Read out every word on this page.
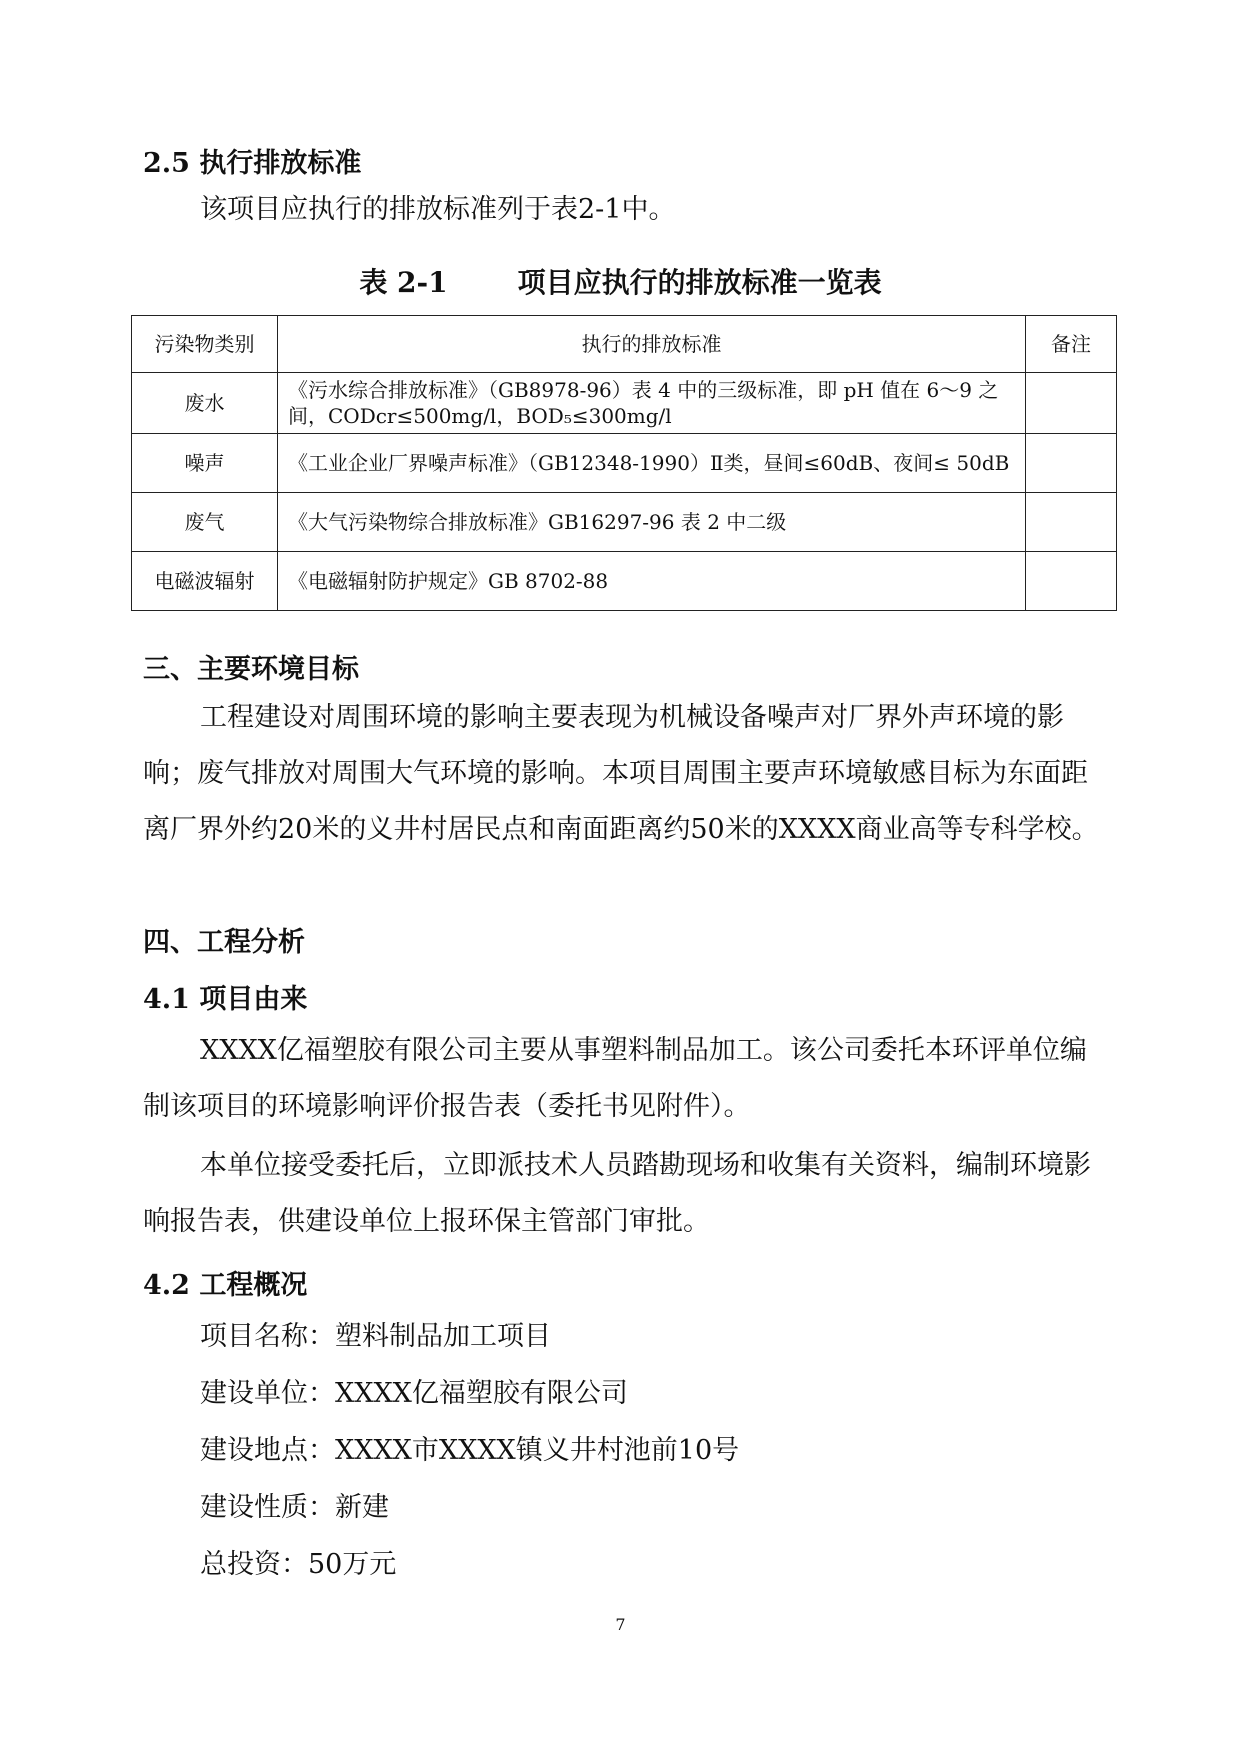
2.5 执行排放标准

该项目应执行的排放标准列于表2-1中。

表 2-1	项目应执行的排放标准一览表

污染物类别	执行的排放标准	备注
废水	《污水综合排放标准》（GB8978-96）表 4 中的三级标准，即 pH 值在 6～9 之间，CODcr≤500mg/l，BOD₅≤300mg/l	
噪声	《工业企业厂界噪声标准》（GB12348-1990）Ⅱ类，昼间≤60dB、夜间≤ 50dB	
废气	《大气污染物综合排放标准》GB16297-96 表 2 中二级	
电磁波辐射	《电磁辐射防护规定》GB 8702-88	
三、主要环境目标

工程建设对周围环境的影响主要表现为机械设备噪声对厂界外声环境的影响；废气排放对周围大气环境的影响。本项目周围主要声环境敏感目标为东面距离厂界外约20米的义井村居民点和南面距离约50米的XXXX商业高等专科学校。

四、工程分析
4.1 项目由来

XXXX亿福塑胶有限公司主要从事塑料制品加工。该公司委托本环评单位编制该项目的环境影响评价报告表（委托书见附件）。

本单位接受委托后，立即派技术人员踏勘现场和收集有关资料，编制环境影响报告表，供建设单位上报环保主管部门审批。

4.2 工程概况

项目名称：塑料制品加工项目

建设单位：XXXX亿福塑胶有限公司

建设地点：XXXX市XXXX镇义井村池前10号

建设性质：新建

总投资：50万元

7
